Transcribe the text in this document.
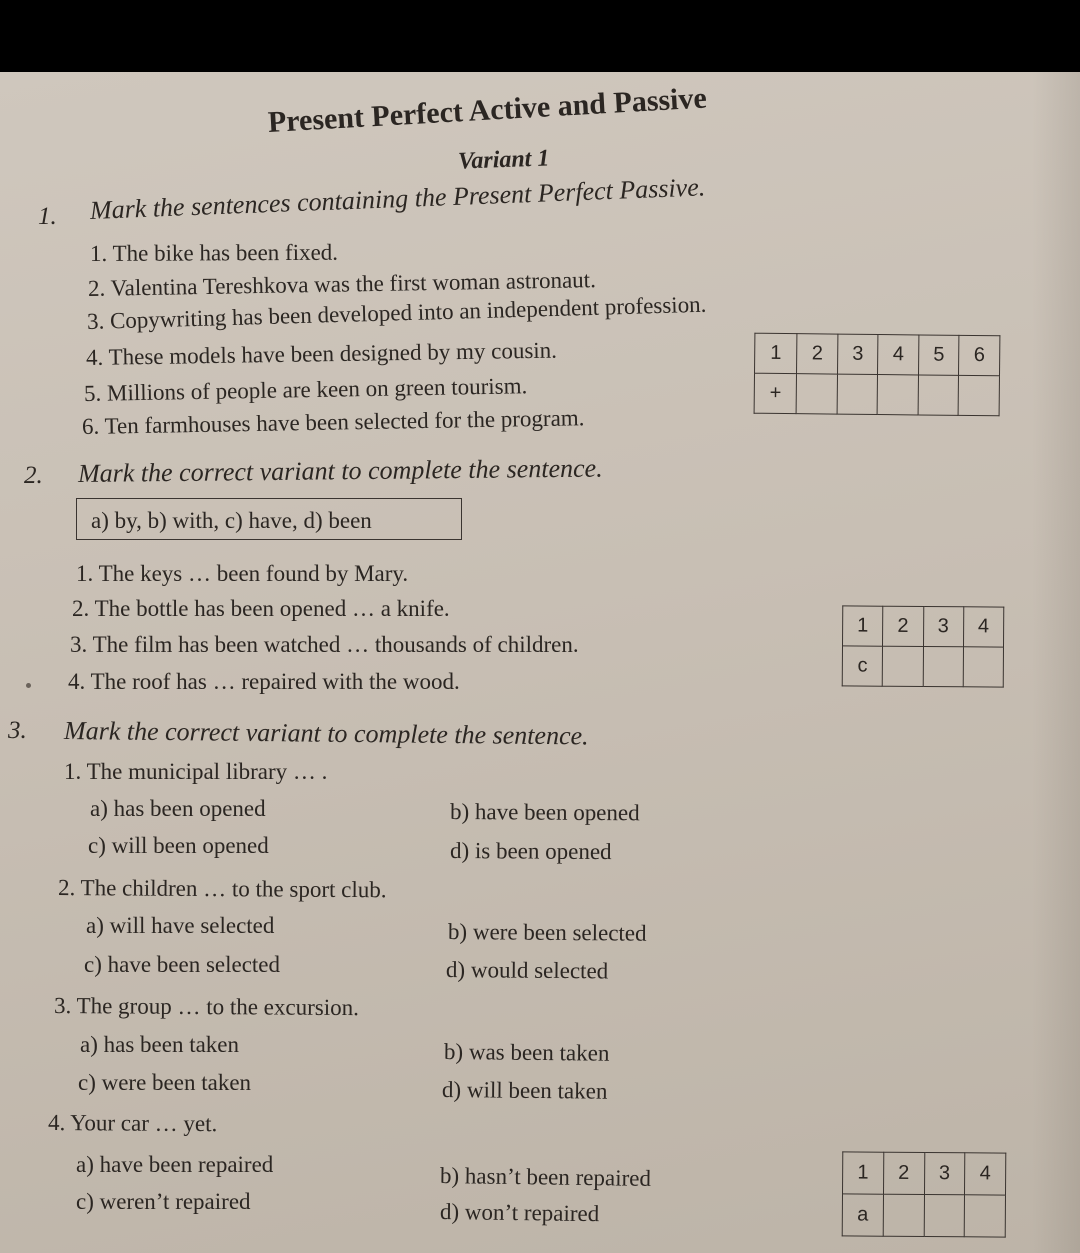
Present Perfect Active and Passive
Variant 1
1. Mark the sentences containing the Present Perfect Passive.
1. The bike has been fixed.
2. Valentina Tereshkova was the first woman astronaut.
3. Copywriting has been developed into an independent profession.
4. These models have been designed by my cousin.
5. Millions of people are keen on green tourism.
6. Ten farmhouses have been selected for the program.
1	2	3	4	5	6
+					
2. Mark the correct variant to complete the sentence.
a) by, b) with, c) have, d) been
1. The keys … been found by Mary.
2. The bottle has been opened … a knife.
3. The film has been watched … thousands of children.
4. The roof has … repaired with the wood.
1	2	3	4
c			
3. Mark the correct variant to complete the sentence.
1. The municipal library … .
a) has been opened	b) have been opened
c) will been opened	d) is been opened
2. The children … to the sport club.
a) will have selected	b) were been selected
c) have been selected	d) would selected
3. The group … to the excursion.
a) has been taken	b) was been taken
c) were been taken	d) will been taken
4. Your car … yet.
a) have been repaired	b) hasn’t been repaired
c) weren’t repaired	d) won’t repaired
1	2	3	4
a			
